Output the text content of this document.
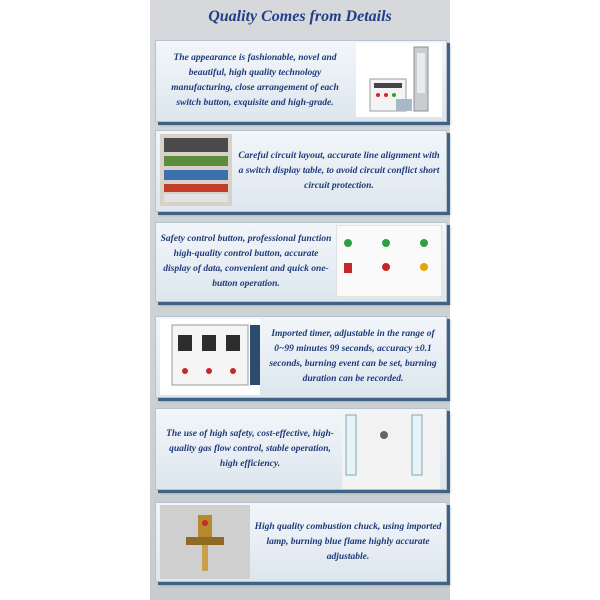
Quality Comes from Details
The appearance is fashionable, novel and beautiful, high quality technology manufacturing, close arrangement of each switch button, exquisite and high-grade.
Careful circuit layout, accurate line alignment with a switch display table, to avoid circuit conflict short circuit protection.
Safety control button, professional function high-quality control button, accurate display of data, convenient and quick one-button operation.
Imported timer, adjustable in the range of 0~99 minutes 99 seconds, accuracy ±0.1 seconds, burning event can be set, burning duration can be recorded.
The use of high safety, cost-effective, high-quality gas flow control, stable operation, high efficiency.
High quality combustion chuck, using imported lamp, burning blue flame highly accurate adjustable.
